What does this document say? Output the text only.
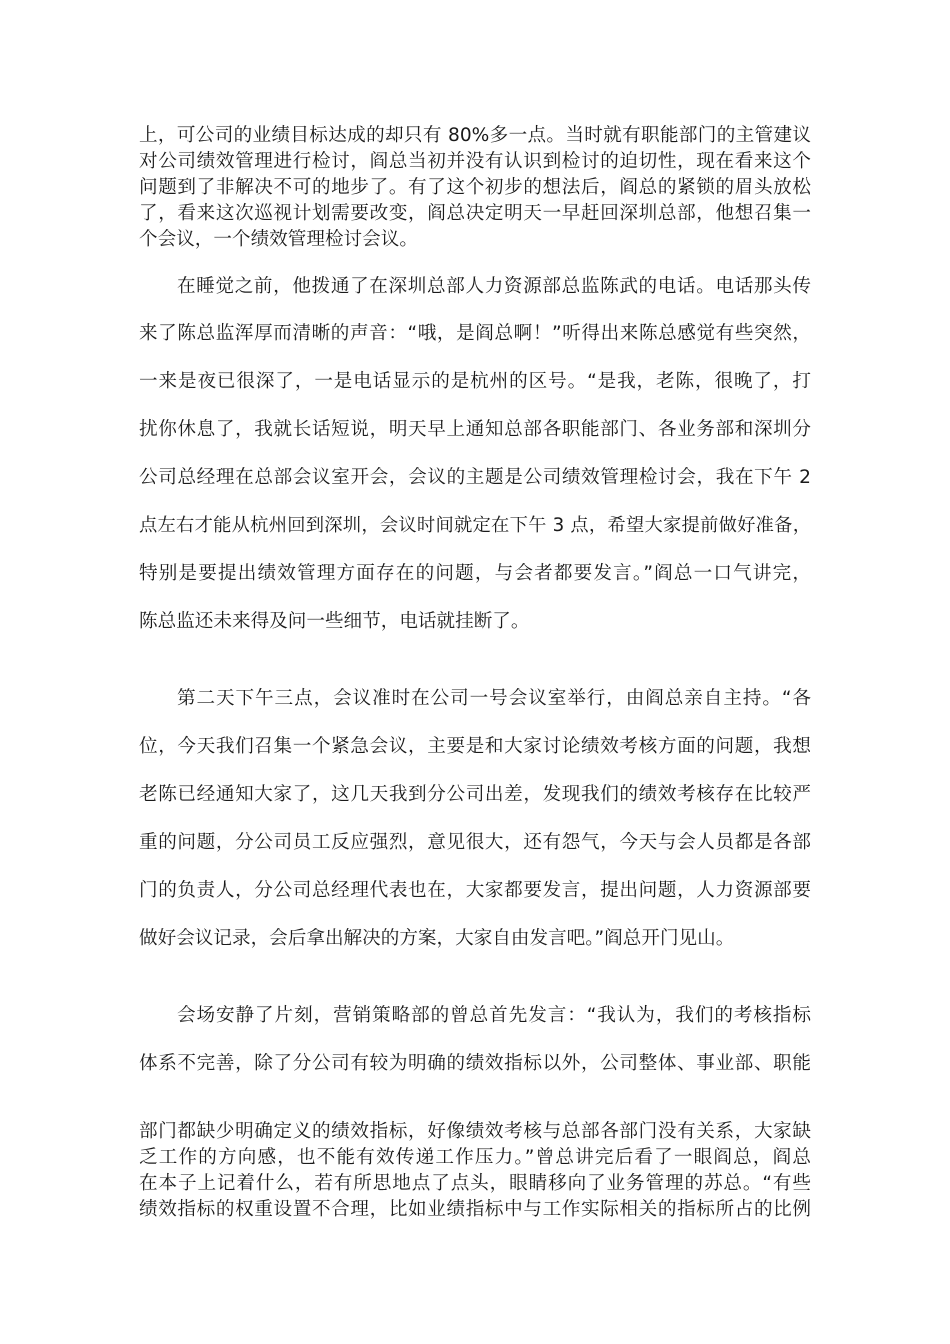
上，可公司的业绩目标达成的却只有 80%多一点。当时就有职能部门的主管建议
对公司绩效管理进行检讨，阎总当初并没有认识到检讨的迫切性，现在看来这个
问题到了非解决不可的地步了。有了这个初步的想法后，阎总的紧锁的眉头放松
了，看来这次巡视计划需要改变，阎总决定明天一早赶回深圳总部，他想召集一
个会议，一个绩效管理检讨会议。
在睡觉之前，他拨通了在深圳总部人力资源部总监陈武的电话。电话那头传
来了陈总监浑厚而清晰的声音：“哦，是阎总啊！”听得出来陈总感觉有些突然，
一来是夜已很深了，一是电话显示的是杭州的区号。“是我，老陈，很晚了，打
扰你休息了，我就长话短说，明天早上通知总部各职能部门、各业务部和深圳分
公司总经理在总部会议室开会，会议的主题是公司绩效管理检讨会，我在下午 2
点左右才能从杭州回到深圳，会议时间就定在下午 3 点，希望大家提前做好准备，
特别是要提出绩效管理方面存在的问题，与会者都要发言。”阎总一口气讲完，
陈总监还未来得及问一些细节，电话就挂断了。
第二天下午三点，会议准时在公司一号会议室举行，由阎总亲自主持。“各
位，今天我们召集一个紧急会议，主要是和大家讨论绩效考核方面的问题，我想
老陈已经通知大家了，这几天我到分公司出差，发现我们的绩效考核存在比较严
重的问题，分公司员工反应强烈，意见很大，还有怨气，今天与会人员都是各部
门的负责人，分公司总经理代表也在，大家都要发言，提出问题，人力资源部要
做好会议记录，会后拿出解决的方案，大家自由发言吧。”阎总开门见山。
会场安静了片刻，营销策略部的曾总首先发言：“我认为，我们的考核指标
体系不完善，除了分公司有较为明确的绩效指标以外，公司整体、事业部、职能
部门都缺少明确定义的绩效指标，好像绩效考核与总部各部门没有关系，大家缺
乏工作的方向感，也不能有效传递工作压力。”曾总讲完后看了一眼阎总，阎总
在本子上记着什么，若有所思地点了点头，眼睛移向了业务管理的苏总。“有些
绩效指标的权重设置不合理，比如业绩指标中与工作实际相关的指标所占的比例
